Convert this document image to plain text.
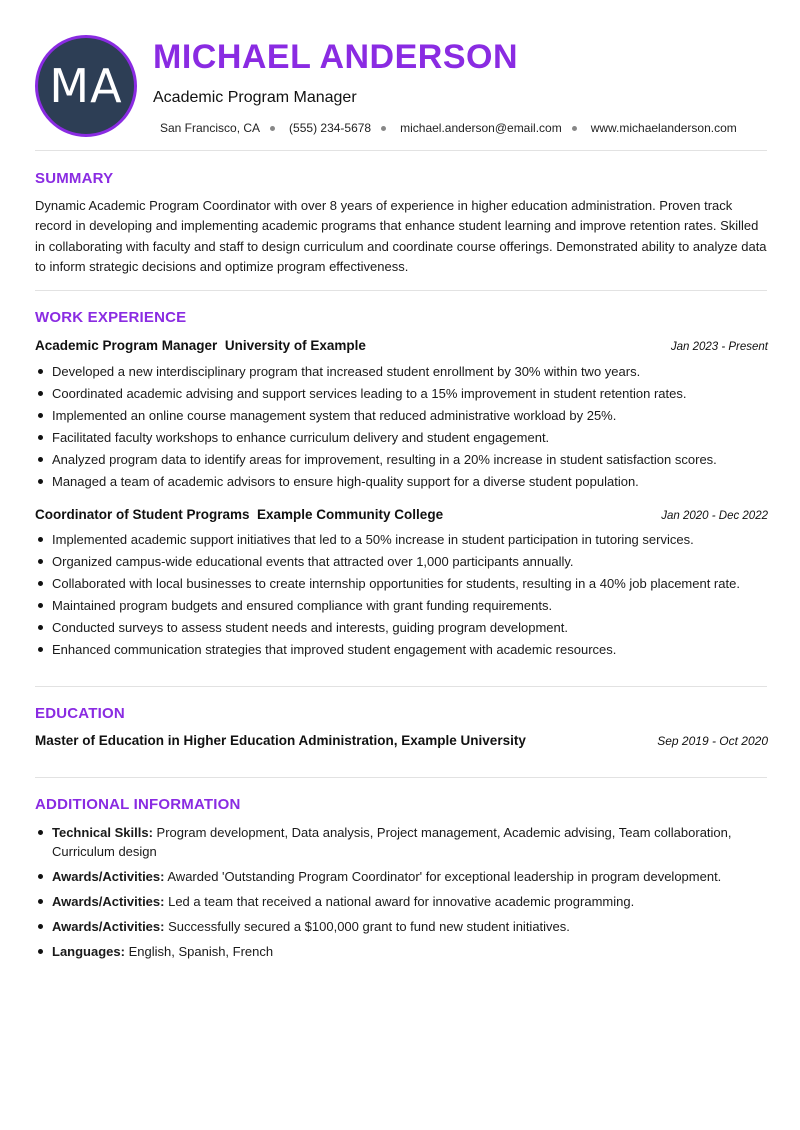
MA
MICHAEL ANDERSON
Academic Program Manager
San Francisco, CA (555) 234-5678 michael.anderson@email.com www.michaelanderson.com
SUMMARY

Dynamic Academic Program Coordinator with over 8 years of experience in higher education administration. Proven track record in developing and implementing academic programs that enhance student learning and improve retention rates. Skilled in collaborating with faculty and staff to design curriculum and coordinate course offerings. Demonstrated ability to analyze data to inform strategic decisions and optimize program effectiveness.

WORK EXPERIENCE
Academic Program Manager University of Example	Jan 2023 - Present
Developed a new interdisciplinary program that increased student enrollment by 30% within two years.
Coordinated academic advising and support services leading to a 15% improvement in student retention rates.
Implemented an online course management system that reduced administrative workload by 25%.
Facilitated faculty workshops to enhance curriculum delivery and student engagement.
Analyzed program data to identify areas for improvement, resulting in a 20% increase in student satisfaction scores.
Managed a team of academic advisors to ensure high-quality support for a diverse student population.
Coordinator of Student Programs Example Community College	Jan 2020 - Dec 2022
Implemented academic support initiatives that led to a 50% increase in student participation in tutoring services.
Organized campus-wide educational events that attracted over 1,000 participants annually.
Collaborated with local businesses to create internship opportunities for students, resulting in a 40% job placement rate.
Maintained program budgets and ensured compliance with grant funding requirements.
Conducted surveys to assess student needs and interests, guiding program development.
Enhanced communication strategies that improved student engagement with academic resources.
EDUCATION
Master of Education in Higher Education Administration, Example University	Sep 2019 - Oct 2020
ADDITIONAL INFORMATION
Technical Skills: Program development, Data analysis, Project management, Academic advising, Team collaboration, Curriculum design
Awards/Activities: Awarded 'Outstanding Program Coordinator' for exceptional leadership in program development.
Awards/Activities: Led a team that received a national award for innovative academic programming.
Awards/Activities: Successfully secured a $100,000 grant to fund new student initiatives.
Languages: English, Spanish, French
